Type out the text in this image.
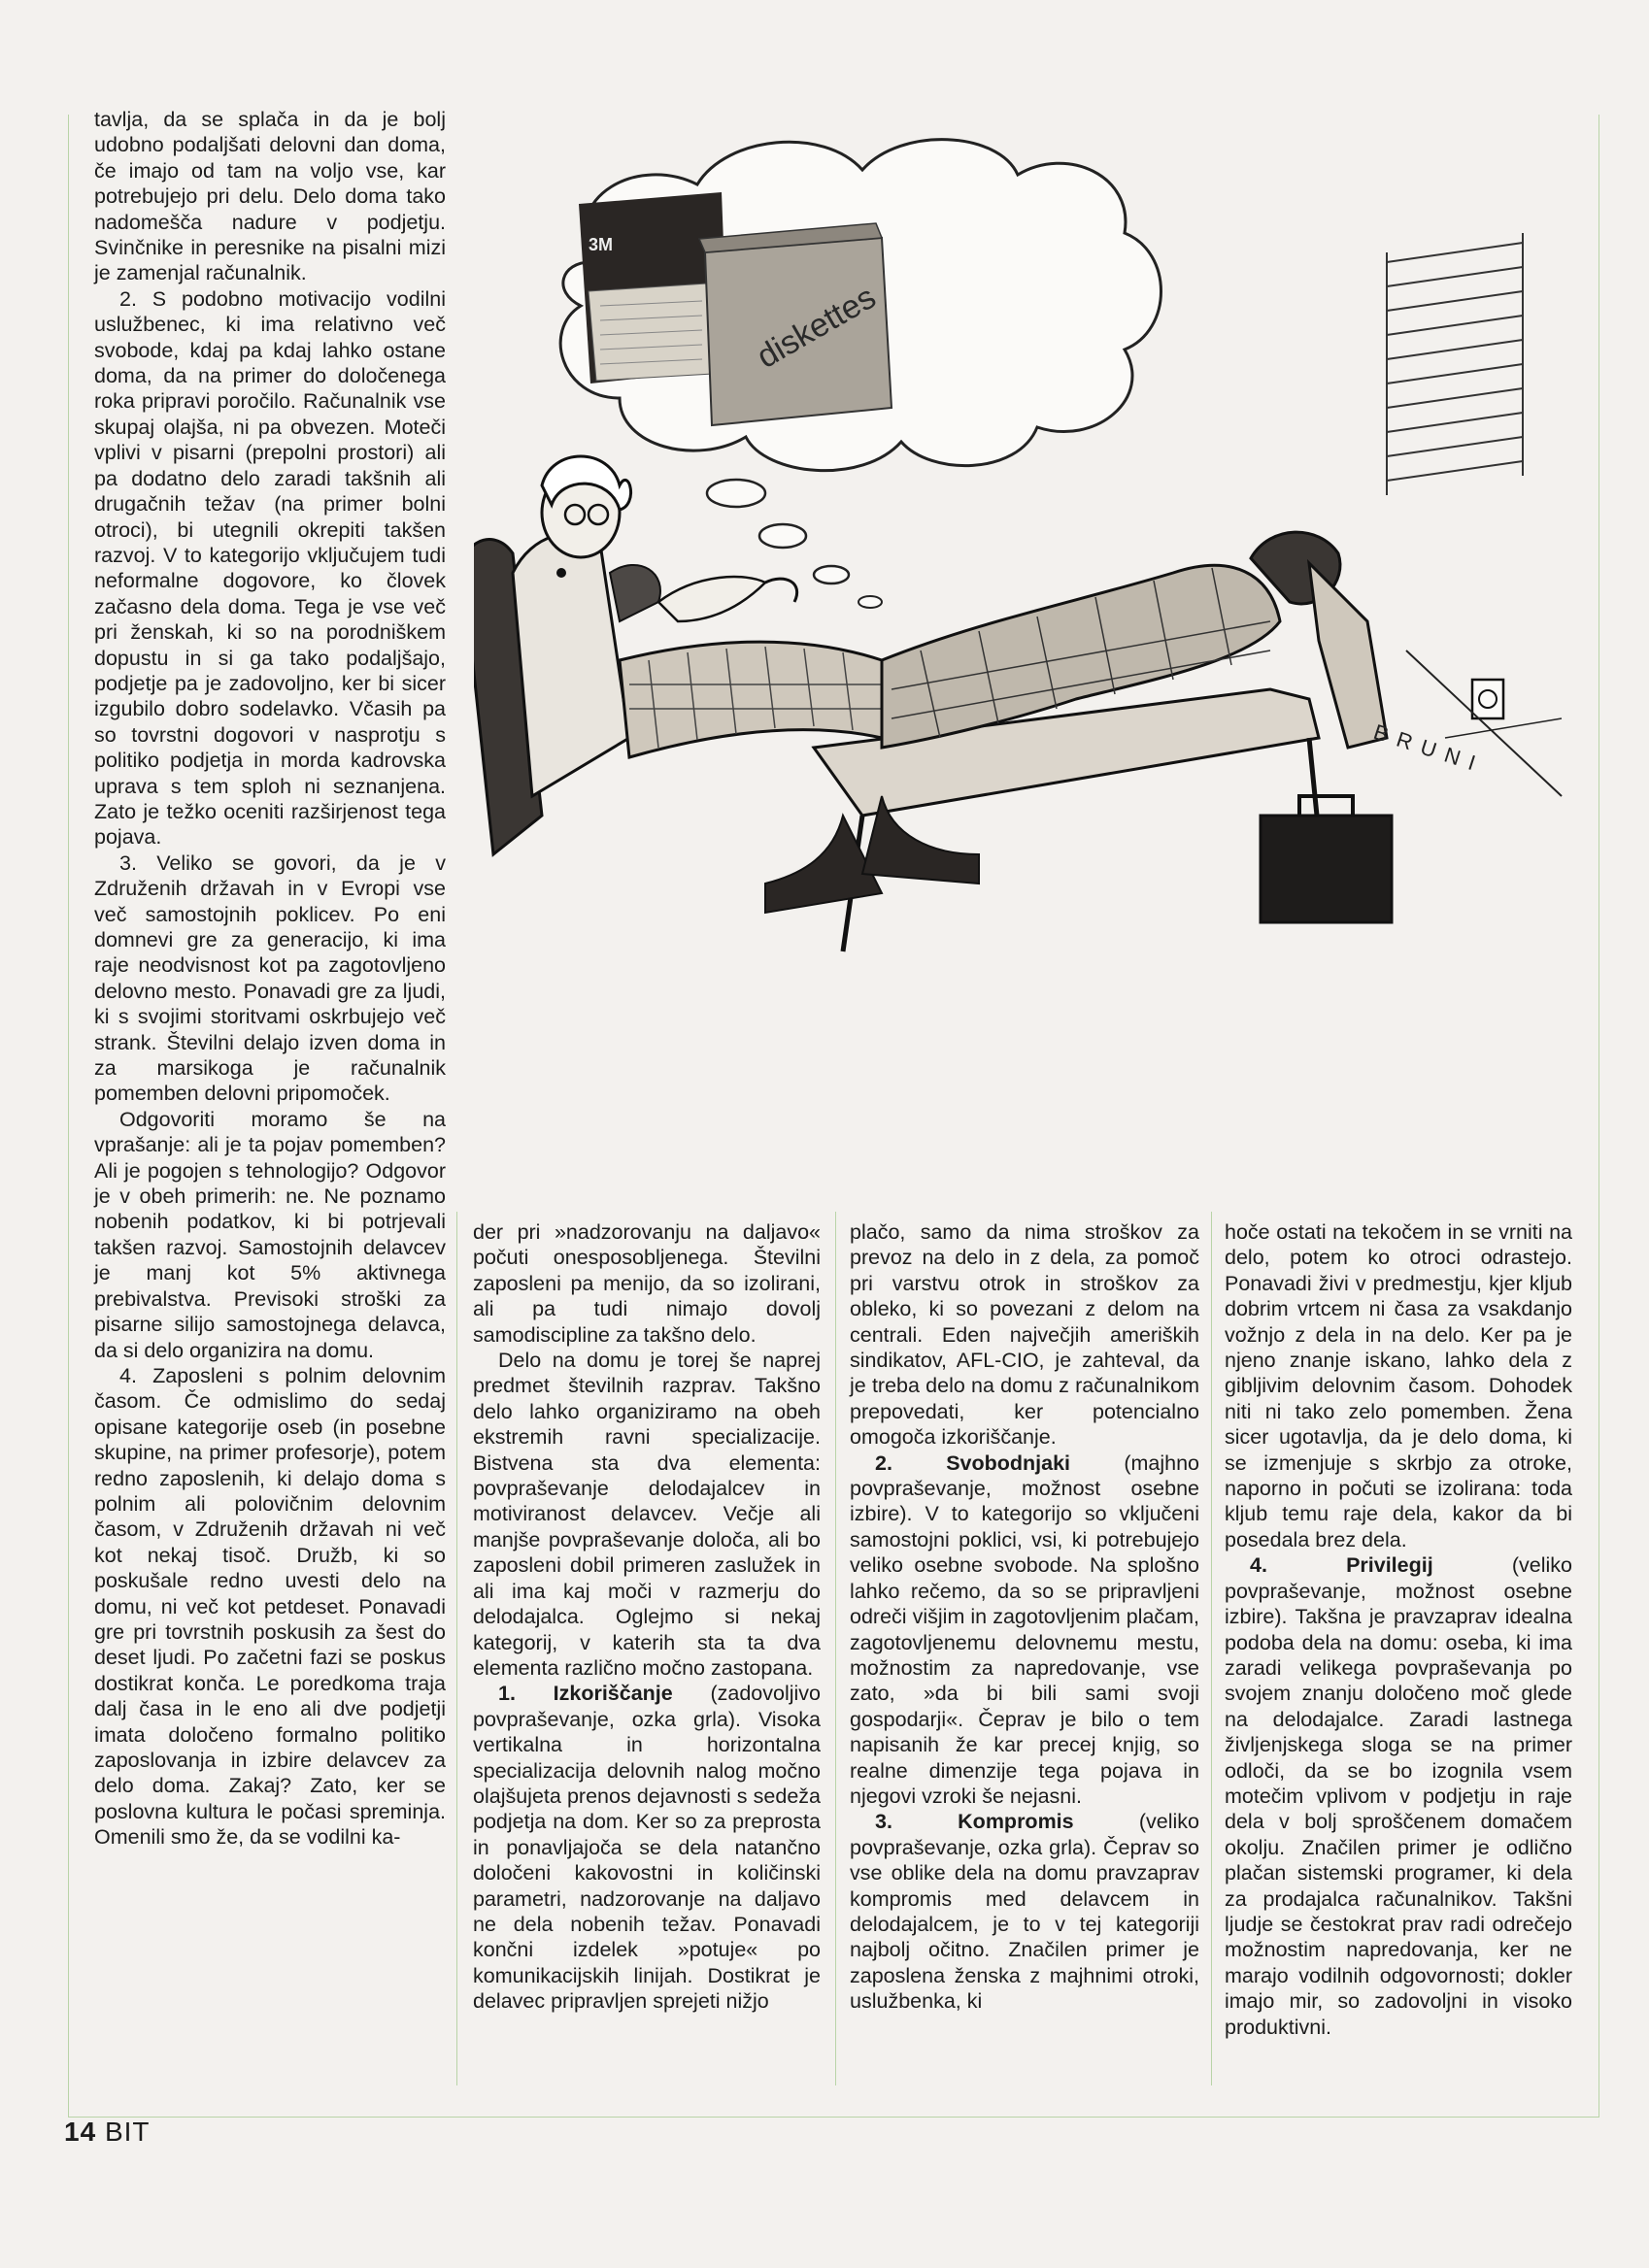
3M
diskettes
BRUNI

tavlja, da se splača in da je bolj udobno podaljšati delovni dan doma, če imajo od tam na voljo vse, kar potrebujejo pri delu. Delo doma tako nadomešča nadure v podjetju. Svinčnike in peresnike na pisalni mizi je zamenjal računalnik.

2. S podobno motivacijo vodilni uslužbenec, ki ima relativno več svobode, kdaj pa kdaj lahko ostane doma, da na primer do določenega roka pripravi poročilo. Računalnik vse skupaj olajša, ni pa obvezen. Moteči vplivi v pisarni (prepolni prostori) ali pa dodatno delo zaradi takšnih ali drugačnih težav (na primer bolni otroci), bi utegnili okrepiti takšen razvoj. V to kategorijo vključujem tudi neformalne dogovore, ko človek začasno dela doma. Tega je vse več pri ženskah, ki so na porodniškem dopustu in si ga tako podaljšajo, podjetje pa je zadovoljno, ker bi sicer izgubilo dobro sodelavko. Včasih pa so tovrstni dogovori v nasprotju s politiko podjetja in morda kadrovska uprava s tem sploh ni seznanjena. Zato je težko oceniti razširjenost tega pojava.

3. Veliko se govori, da je v Združenih državah in v Evropi vse več samostojnih poklicev. Po eni domnevi gre za generacijo, ki ima raje neodvisnost kot pa zagotovljeno delovno mesto. Ponavadi gre za ljudi, ki s svojimi storitvami oskrbujejo več strank. Številni delajo izven doma in za marsikoga je računalnik pomemben delovni pripomoček.

Odgovoriti moramo še na vprašanje: ali je ta pojav pomemben? Ali je pogojen s tehnologijo? Odgovor je v obeh primerih: ne. Ne poznamo nobenih podatkov, ki bi potrjevali takšen razvoj. Samostojnih delavcev je manj kot 5% aktivnega prebivalstva. Previsoki stroški za pisarne silijo samostojnega delavca, da si delo organizira na domu.

4. Zaposleni s polnim delovnim časom. Če odmislimo do sedaj opisane kategorije oseb (in posebne skupine, na primer profesorje), potem redno zaposlenih, ki delajo doma s polnim ali polovičnim delovnim časom, v Združenih državah ni več kot nekaj tisoč. Družb, ki so poskušale redno uvesti delo na domu, ni več kot petdeset. Ponavadi gre pri tovrstnih poskusih za šest do deset ljudi. Po začetni fazi se poskus dostikrat konča. Le poredkoma traja dalj časa in le eno ali dve podjetji imata določeno formalno politiko zaposlovanja in izbire delavcev za delo doma. Zakaj? Zato, ker se poslovna kultura le počasi spreminja. Omenili smo že, da se vodilni ka-

der pri »nadzorovanju na daljavo« počuti onesposobljenega. Številni zaposleni pa menijo, da so izolirani, ali pa tudi nimajo dovolj samodiscipline za takšno delo.

Delo na domu je torej še naprej predmet številnih razprav. Takšno delo lahko organiziramo na obeh ekstremih ravni specializacije. Bistvena sta dva elementa: povpraševanje delodajalcev in motiviranost delavcev. Večje ali manjše povpraševanje določa, ali bo zaposleni dobil primeren zaslužek in ali ima kaj moči v razmerju do delodajalca. Oglejmo si nekaj kategorij, v katerih sta ta dva elementa različno močno zastopana.

1. Izkoriščanje (zadovoljivo povpraševanje, ozka grla). Visoka vertikalna in horizontalna specializacija delovnih nalog močno olajšujeta prenos dejavnosti s sedeža podjetja na dom. Ker so za preprosta in ponavljajoča se dela natančno določeni kakovostni in količinski parametri, nadzorovanje na daljavo ne dela nobenih težav. Ponavadi končni izdelek »potuje« po komunikacijskih linijah. Dostikrat je delavec pripravljen sprejeti nižjo

plačo, samo da nima stroškov za prevoz na delo in z dela, za pomoč pri varstvu otrok in stroškov za obleko, ki so povezani z delom na centrali. Eden največjih ameriških sindikatov, AFL-CIO, je zahteval, da je treba delo na domu z računalnikom prepovedati, ker potencialno omogoča izkoriščanje.

2. Svobodnjaki	(majhno povpraševanje, možnost osebne izbire). V to kategorijo so vključeni samostojni poklici, vsi, ki potrebujejo veliko osebne svobode. Na splošno lahko rečemo, da so se pripravljeni odreči višjim in zagotovljenim plačam, zagotovljenemu delovnemu mestu, možnostim za napredovanje, vse zato, »da bi bili sami svoji gospodarji«. Čeprav je bilo o tem napisanih že kar precej knjig, so realne dimenzije tega pojava in njegovi vzroki še nejasni.

3. Kompromis	(veliko povpraševanje, ozka grla). Čeprav so vse oblike dela na domu pravzaprav kompromis med delavcem in delodajalcem, je to v tej kategoriji najbolj očitno. Značilen primer je zaposlena ženska z majhnimi otroki, uslužbenka, ki

hoče ostati na tekočem in se vrniti na delo, potem ko otroci odrastejo. Ponavadi živi v predmestju, kjer kljub dobrim vrtcem ni časa za vsakdanjo vožnjo z dela in na delo. Ker pa je njeno znanje iskano, lahko dela z gibljivim delovnim časom. Dohodek niti ni tako zelo pomemben. Žena sicer ugotavlja, da je delo doma, ki se izmenjuje s skrbjo za otroke, naporno in počuti se izolirana: toda kljub temu raje dela, kakor da bi posedala brez dela.

4. Privilegij	(veliko povpraševanje, možnost osebne izbire). Takšna je pravzaprav idealna podoba dela na domu: oseba, ki ima zaradi velikega povpraševanja po svojem znanju določeno moč glede na delodajalce. Zaradi lastnega življenjskega sloga se na primer odloči, da se bo izognila vsem motečim vplivom v podjetju in raje dela v bolj sproščenem domačem okolju. Značilen primer je odlično plačan sistemski programer, ki dela za prodajalca računalnikov. Takšni ljudje se čestokrat prav radi odrečejo možnostim napredovanja, ker ne marajo vodilnih odgovornosti; dokler imajo mir, so zadovoljni in visoko produktivni.

14 BIT
